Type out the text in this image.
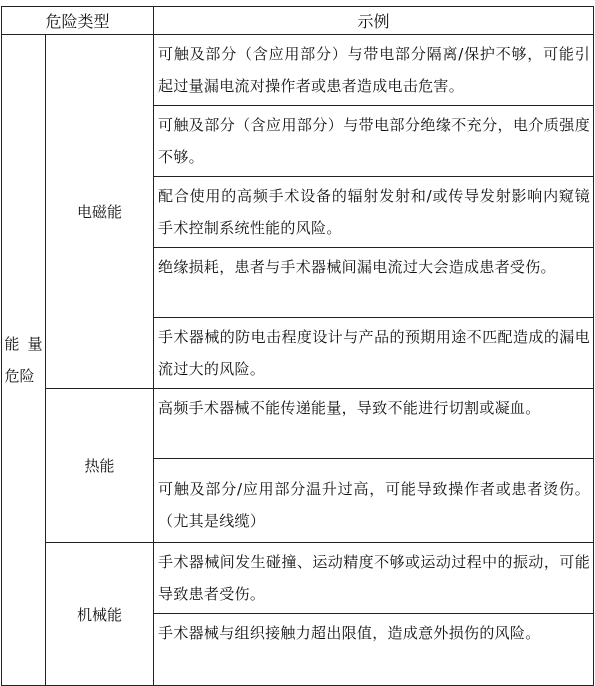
危险类型		示例
能量危险	电磁能	可触及部分（含应用部分）与带电部分隔离/保护不够，可能引起过量漏电流对操作者或患者造成电击危害。
		可触及部分（含应用部分）与带电部分绝缘不充分，电介质强度不够。
		配合使用的高频手术设备的辐射发射和/或传导发射影响内窥镜手术控制系统性能的风险。
		绝缘损耗，患者与手术器械间漏电流过大会造成患者受伤。
		手术器械的防电击程度设计与产品的预期用途不匹配造成的漏电流过大的风险。
	热能	高频手术器械不能传递能量，导致不能进行切割或凝血。
		可触及部分/应用部分温升过高，可能导致操作者或患者烫伤。（尤其是线缆）
	机械能	手术器械间发生碰撞、运动精度不够或运动过程中的振动，可能导致患者受伤。
		手术器械与组织接触力超出限值，造成意外损伤的风险。
